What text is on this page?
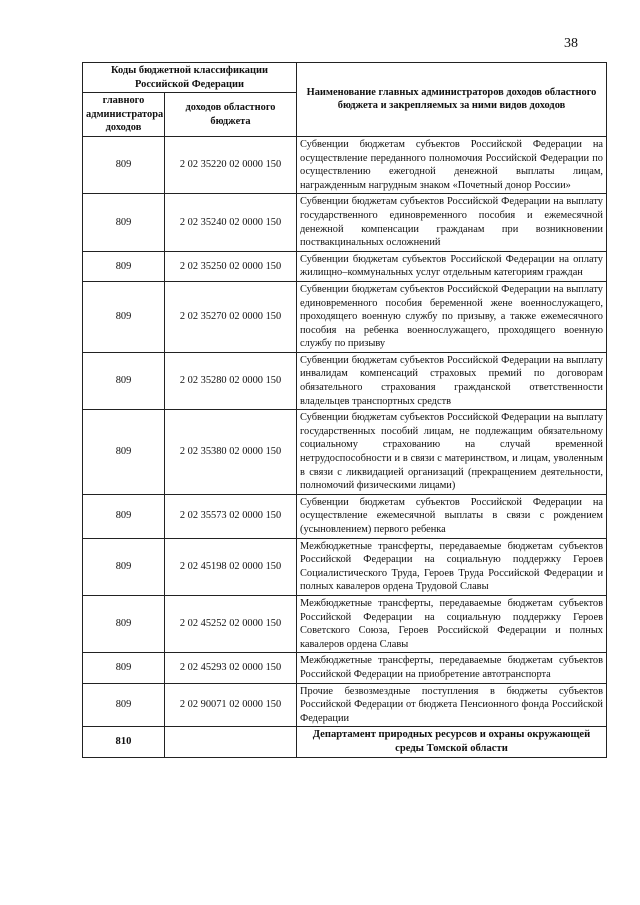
38
Коды бюджетной классификации Российской Федерации		Наименование главных администраторов доходов областного бюджета и закрепляемых за ними видов доходов
главного администратора доходов	доходов областного бюджета	
809	2 02 35220 02 0000 150	Субвенции бюджетам субъектов Российской Федерации на осуществление переданного полномочия Российской Федерации по осуществлению ежегодной денежной выплаты лицам, награжденным нагрудным знаком «Почетный донор России»
809	2 02 35240 02 0000 150	Субвенции бюджетам субъектов Российской Федерации на выплату государственного единовременного пособия и ежемесячной денежной компенсации гражданам при возникновении поствакцинальных осложнений
809	2 02 35250 02 0000 150	Субвенции бюджетам субъектов Российской Федерации на оплату жилищно–коммунальных услуг отдельным категориям граждан
809	2 02 35270 02 0000 150	Субвенции бюджетам субъектов Российской Федерации на выплату единовременного пособия беременной жене военнослужащего, проходящего военную службу по призыву, а также ежемесячного пособия на ребенка военнослужащего, проходящего военную службу по призыву
809	2 02 35280 02 0000 150	Субвенции бюджетам субъектов Российской Федерации на выплату инвалидам компенсаций страховых премий по договорам обязательного страхования гражданской ответственности владельцев транспортных средств
809	2 02 35380 02 0000 150	Субвенции бюджетам субъектов Российской Федерации на выплату государственных пособий лицам, не подлежащим обязательному социальному страхованию на случай временной нетрудоспособности и в связи с материнством, и лицам, уволенным в связи с ликвидацией организаций (прекращением деятельности, полномочий физическими лицами)
809	2 02 35573 02 0000 150	Субвенции бюджетам субъектов Российской Федерации на осуществление ежемесячной выплаты в связи с рождением (усыновлением) первого ребенка
809	2 02 45198 02 0000 150	Межбюджетные трансферты, передаваемые бюджетам субъектов Российской Федерации на социальную поддержку Героев Социалистического Труда, Героев Труда Российской Федерации и полных кавалеров ордена Трудовой Славы
809	2 02 45252 02 0000 150	Межбюджетные трансферты, передаваемые бюджетам субъектов Российской Федерации на социальную поддержку Героев Советского Союза, Героев Российской Федерации и полных кавалеров ордена Славы
809	2 02 45293 02 0000 150	Межбюджетные трансферты, передаваемые бюджетам субъектов Российской Федерации на приобретение автотранспорта
809	2 02 90071 02 0000 150	Прочие безвозмездные поступления в бюджеты субъектов Российской Федерации от бюджета Пенсионного фонда Российской Федерации
810		Департамент природных ресурсов и охраны окружающей среды Томской области
